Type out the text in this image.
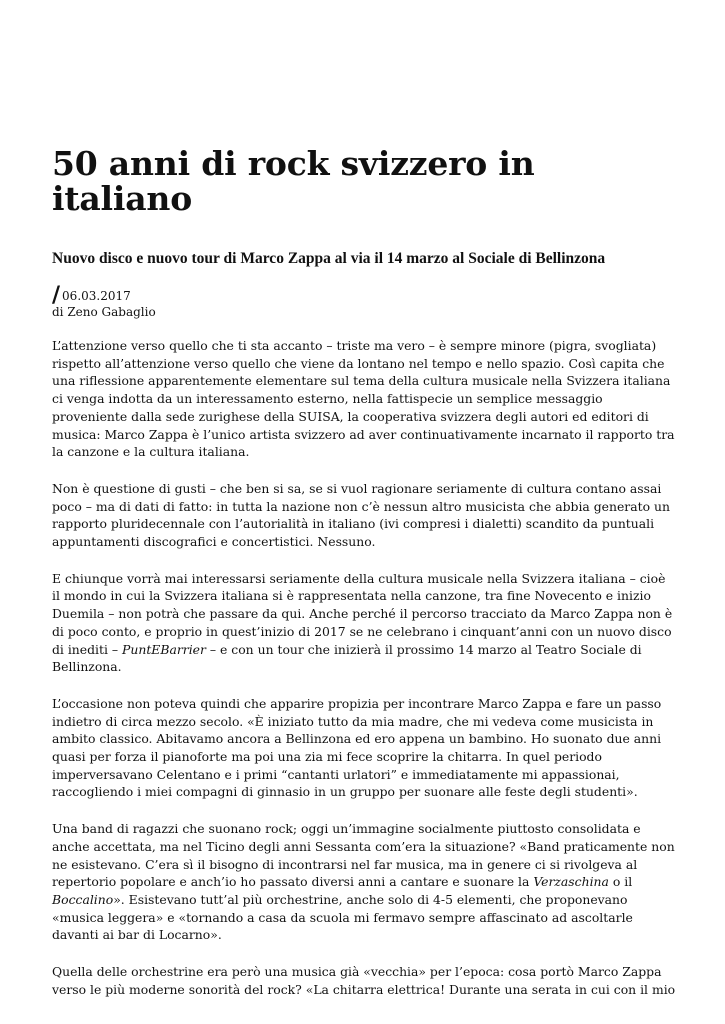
50 anni di rock svizzero in italiano
Nuovo disco e nuovo tour di Marco Zappa al via il 14 marzo al Sociale di Bellinzona
/ 06.03.2017
di Zeno Gabaglio

L’attenzione verso quello che ti sta accanto – triste ma vero – è sempre minore (pigra, svogliata) rispetto all’attenzione verso quello che viene da lontano nel tempo e nello spazio. Così capita che una riflessione apparentemente elementare sul tema della cultura musicale nella Svizzera italiana ci venga indotta da un interessamento esterno, nella fattispecie un semplice messaggio proveniente dalla sede zurighese della SUISA, la cooperativa svizzera degli autori ed editori di musica: Marco Zappa è l’unico artista svizzero ad aver continuativamente incarnato il rapporto tra la canzone e la cultura italiana.

Non è questione di gusti – che ben si sa, se si vuol ragionare seriamente di cultura contano assai poco – ma di dati di fatto: in tutta la nazione non c’è nessun altro musicista che abbia generato un rapporto pluridecennale con l’autorialità in italiano (ivi compresi i dialetti) scandito da puntuali appuntamenti discografici e concertistici. Nessuno.

E chiunque vorrà mai interessarsi seriamente della cultura musicale nella Svizzera italiana – cioè il mondo in cui la Svizzera italiana si è rappresentata nella canzone, tra fine Novecento e inizio Duemila – non potrà che passare da qui. Anche perché il percorso tracciato da Marco Zappa non è di poco conto, e proprio in quest’inizio di 2017 se ne celebrano i cinquant’anni con un nuovo disco di inediti – PuntEBarrier – e con un tour che inizierà il prossimo 14 marzo al Teatro Sociale di Bellinzona.

L’occasione non poteva quindi che apparire propizia per incontrare Marco Zappa e fare un passo indietro di circa mezzo secolo. «È iniziato tutto da mia madre, che mi vedeva come musicista in ambito classico. Abitavamo ancora a Bellinzona ed ero appena un bambino. Ho suonato due anni quasi per forza il pianoforte ma poi una zia mi fece scoprire la chitarra. In quel periodo imperversavano Celentano e i primi “cantanti urlatori” e immediatamente mi appassionai, raccogliendo i miei compagni di ginnasio in un gruppo per suonare alle feste degli studenti».

Una band di ragazzi che suonano rock; oggi un’immagine socialmente piuttosto consolidata e anche accettata, ma nel Ticino degli anni Sessanta com’era la situazione? «Band praticamente non ne esistevano. C’era sì il bisogno di incontrarsi nel far musica, ma in genere ci si rivolgeva al repertorio popolare e anch’io ho passato diversi anni a cantare e suonare la Verzaschina o il Boccalino». Esistevano tutt’al più orchestrine, anche solo di 4-5 elementi, che proponevano «musica leggera» e «tornando a casa da scuola mi fermavo sempre affascinato ad ascoltarle davanti ai bar di Locarno».

Quella delle orchestrine era però una musica già «vecchia» per l’epoca: cosa portò Marco Zappa verso le più moderne sonorità del rock? «La chitarra elettrica! Durante una serata in cui con il mio
